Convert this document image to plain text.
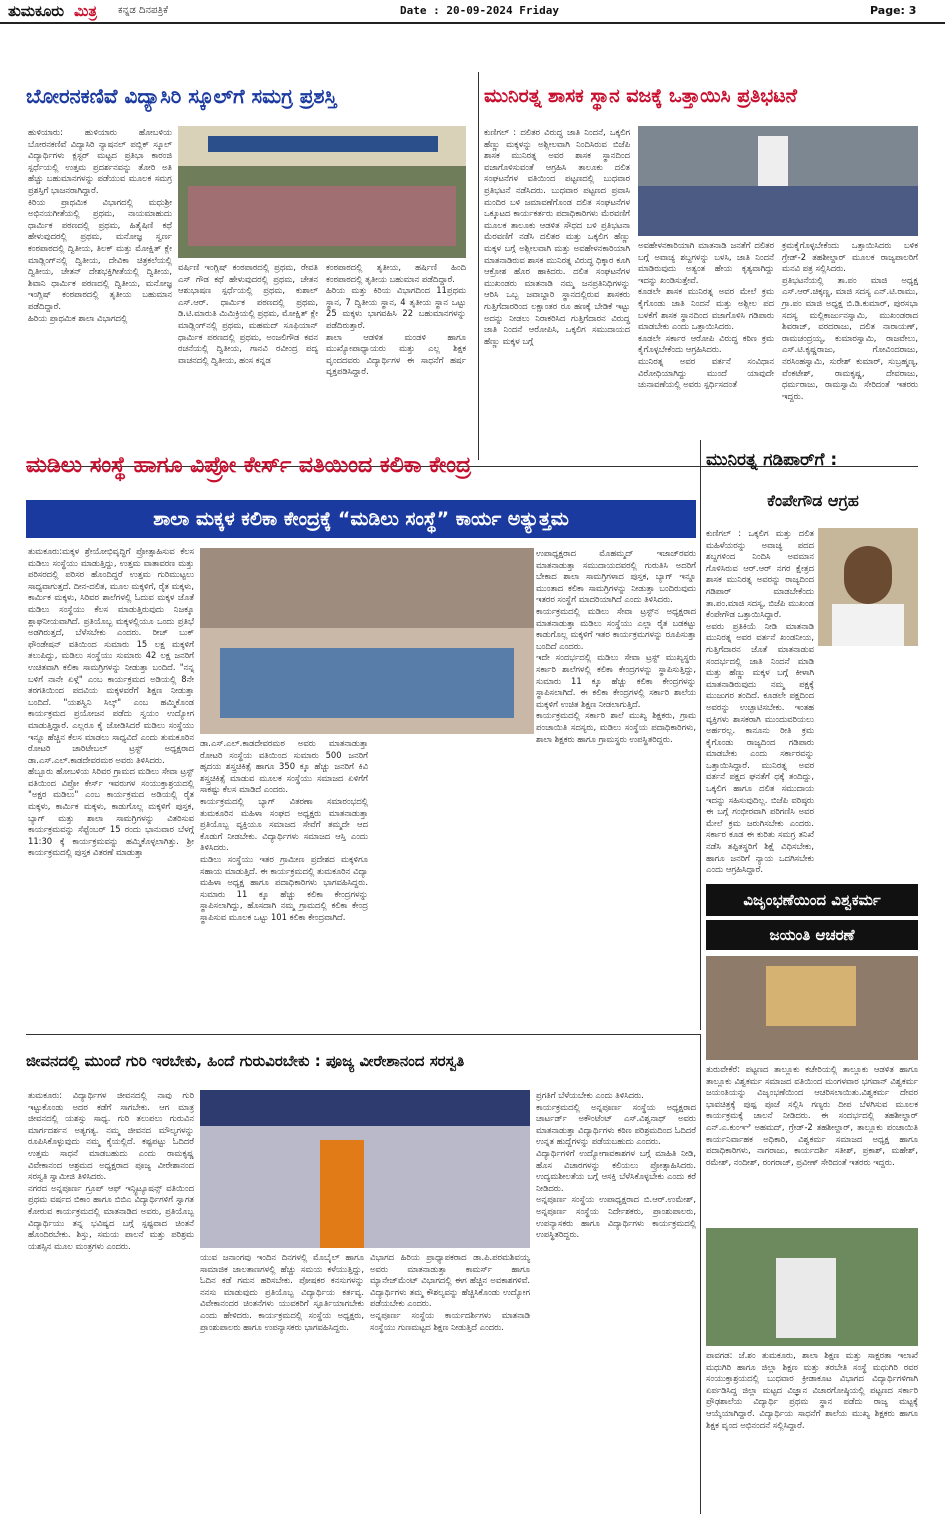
ತುಮಕೂರು ಮಿತ್ರ ಕನ್ನಡ ದಿನಪತ್ರಿಕೆ	Date : 20-09-2024 Friday	Page: 3
ಬೋರನಕಣಿವೆ ವಿದ್ಯಾಸಿರಿ ಸ್ಕೂಲ್‌ಗೆ ಸಮಗ್ರ ಪ್ರಶಸ್ತಿ
ಹುಳಿಯಾರು: ಹುಳಿಯಾರು ಹೋಬಳಿಯ ಬೋರನಕಣಿವೆ ವಿದ್ಯಾಸಿರಿ ನ್ಯಾಷನಲ್ ಪಬ್ಲಿಕ್ ಸ್ಕೂಲ್ ವಿದ್ಯಾರ್ಥಿಗಳು ಕ್ಲಸ್ಟರ್ ಮಟ್ಟದ ಪ್ರತಿಭಾ ಕಾರಂಜಿ ಸ್ಪರ್ಧೆಯಲ್ಲಿ ಉತ್ತಮ ಪ್ರದರ್ಶನವನ್ನು ತೋರಿ ಅತಿ ಹೆಚ್ಚು ಬಹುಮಾನಗಳನ್ನು ಪಡೆಯುವ ಮೂಲಕ ಸಮಗ್ರ ಪ್ರಶಸ್ತಿಗೆ ಭಾಜನರಾಗಿದ್ದಾರೆ.
ಕಿರಿಯ ಪ್ರಾಥಮಿಕ ವಿಭಾಗದಲ್ಲಿ ಮಧುಶ್ರೀ ಅಭಿನಯಗೀತೆಯಲ್ಲಿ ಪ್ರಥಮ, ನಾಯಮಾಹುದು ಧಾರ್ಮಿಕ ಪಠಣದಲ್ಲಿ ಪ್ರಥಮ, ಹಿತೈಷಿಣಿ ಕಥೆ ಹೇಳುವುದರಲ್ಲಿ ಪ್ರಥಮ, ಮನೋಜ್ಞ ಸ್ವರ್ಣ ಕಂಠಪಾಠದಲ್ಲಿ ದ್ವಿತೀಯ, ತಿಲಕ್ ಮತ್ತು ಮೋಕ್ಷಿತ್ ಕ್ಲೇ ಮಾಡ್ಲಿಂಗ್‌ನಲ್ಲಿ ದ್ವಿತೀಯ, ದೇವಿಕಾ ಚಿತ್ರಕಲೆಯಲ್ಲಿ ದ್ವಿತೀಯ, ಚೇತನ್ ದೇಶಭಕ್ತಿಗೀತೆಯಲ್ಲಿ ದ್ವಿತೀಯ, ಶಿವಾನಿ ಧಾರ್ಮಿಕ ಪಠಣದಲ್ಲಿ ದ್ವಿತೀಯ, ಮನೋಜ್ಞ ಇಂಗ್ಲಿಷ್ ಕಂಠಪಾಠದಲ್ಲಿ ತೃತೀಯ ಬಹುಮಾನ ಪಡೆದಿದ್ದಾರೆ.
ಹಿರಿಯ ಪ್ರಾಥಮಿಕ ಶಾಲಾ ವಿಭಾಗದಲ್ಲಿ
ವರ್ಷಿಣಿ ಇಂಗ್ಲಿಷ್ ಕಂಠಪಾಠದಲ್ಲಿ ಪ್ರಥಮ, ರೇವತಿ ಎಸ್ ಗೌಡ ಕಥೆ ಹೇಳುವುದರಲ್ಲಿ ಪ್ರಥಮ, ಚೇತನ ಆಶುಭಾಷಣ ಸ್ಪರ್ಧೆಯಲ್ಲಿ ಪ್ರಥಮ, ಕುಶಾಲ್ ಎಸ್.ಆರ್. ಧಾರ್ಮಿಕ ಪಠಣದಲ್ಲಿ ಪ್ರಥಮ, ಡಿ.ಟಿ.ಮಾರುತಿ ಮಿಮಿಕ್ರಿಯಲ್ಲಿ ಪ್ರಥಮ, ಮೋಕ್ಷಿತ್ ಕ್ಲೇ ಮಾಡ್ಲಿಂಗ್‌ನಲ್ಲಿ ಪ್ರಥಮ, ಮಹಮದ್ ಸೂಫಿಯಾನ್ ಧಾರ್ಮಿಕ ಪಠಣದಲ್ಲಿ ಪ್ರಥಮ, ಅಂಜಲಿಗೌಡ ಕವನ ರಚನೆಯಲ್ಲಿ ದ್ವಿತೀಯ, ಗಾನವಿ ರವೀಂದ್ರ ಪದ್ಯ ವಾಚನದಲ್ಲಿ ದ್ವಿತೀಯ, ಹಂಸ ಕನ್ನಡ
ಕಂಠಪಾಠದಲ್ಲಿ ತೃತೀಯ, ಹರ್ಷಿಣಿ ಹಿಂದಿ ಕಂಠಪಾಠದಲ್ಲಿ ತೃತೀಯ ಬಹುಮಾನ ಪಡೆದಿದ್ದಾರೆ.
ಹಿರಿಯ ಮತ್ತು ಕಿರಿಯ ವಿಭಾಗದಿಂದ 11ಪ್ರಥಮ ಸ್ಥಾನ, 7 ದ್ವಿತೀಯ ಸ್ಥಾನ, 4 ತೃತೀಯ ಸ್ಥಾನ ಒಟ್ಟು 25 ಮಕ್ಕಳು ಭಾಗವಹಿಸಿ 22 ಬಹುಮಾನಗಳನ್ನು ಪಡೆದಿರುತ್ತಾರೆ.
ಶಾಲಾ ಆಡಳಿತ ಮಂಡಳಿ ಹಾಗೂ ಮುಖ್ಯೋಪಾಧ್ಯಾಯರು ಮತ್ತು ಎಲ್ಲ ಶಿಕ್ಷಕ ವೃಂದದವರು ವಿದ್ಯಾರ್ಥಿಗಳ ಈ ಸಾಧನೆಗೆ ಹರ್ಷ ವ್ಯಕ್ತಪಡಿಸಿದ್ದಾರೆ.
ಮುನಿರತ್ನ ಶಾಸಕ ಸ್ಥಾನ ವಜಕ್ಕೆ ಒತ್ತಾಯಿಸಿ ಪ್ರತಿಭಟನೆ
ಕುಣಿಗಲ್ : ದಲಿತರ ವಿರುದ್ಧ ಜಾತಿ ನಿಂದನೆ, ಒಕ್ಕಲಿಗ ಹೆಣ್ಣು ಮಕ್ಕಳನ್ನು ಅಶ್ಲೀಲವಾಗಿ ನಿಂದಿಸಿರುವ ಬಿಜೆಪಿ ಶಾಸಕ ಮುನಿರತ್ನ ಅವರ ಶಾಸಕ ಸ್ಥಾನದಿಂದ ವಜಾಗೊಳಿಸುವಂತೆ ಆಗ್ರಹಿಸಿ ತಾಲೂಕು ದಲಿತ ಸಂಘಟನೆಗಳ ವತಿಯಿಂದ ಪಟ್ಟಣದಲ್ಲಿ ಬುಧವಾರ ಪ್ರತಿಭಟನೆ ನಡೆಸಿದರು. ಬುಧವಾರ ಪಟ್ಟಣದ ಪ್ರವಾಸಿ ಮಂದಿರ ಬಳಿ ಜಮಾವಣೆಗೊಂಡ ದಲಿತ ಸಂಘಟನೆಗಳ ಒಕ್ಕೂಟದ ಕಾರ್ಯಕರ್ತರು ಪದಾಧಿಕಾರಿಗಳು ಮೆರವಣಿಗೆ ಮೂಲಕ ತಾಲೂಕು ಆಡಳಿತ ಸೌಧದ ಬಳಿ ಪ್ರತಿಭಟನಾ ಮೆರವಣಿಗೆ ನಡೆಸಿ ದಲಿತರ ಮತ್ತು ಒಕ್ಕಲಿಗ ಹೆಣ್ಣು ಮಕ್ಕಳ ಬಗ್ಗೆ ಅಶ್ಲೀಲವಾಗಿ ಮತ್ತು ಅವಹೇಳನಕಾರಿಯಾಗಿ ಮಾತನಾಡಿರುವ ಶಾಸಕ ಮುನಿರತ್ನ ವಿರುದ್ಧ ಧಿಕ್ಕಾರ ಕೂಗಿ ಆಕ್ರೋಶ ಹೊರ ಹಾಕಿದರು. ದಲಿತ ಸಂಘಟನೆಗಳ ಮುಖಂಡರು ಮಾತನಾಡಿ ನಮ್ಮ ಜನಪ್ರತಿನಿಧಿಗಳನ್ನು ಆರಿಸಿ ಒಬ್ಬ ಜವಾಬ್ದಾರಿ ಸ್ಥಾನದಲ್ಲಿರುವ ಶಾಸಕರು ಗುತ್ತಿಗೆದಾರರಿಂದ ಲಕ್ಷಾಂತರ ರೂ ಹಣಕ್ಕೆ ಬೇಡಿಕೆ ಇಟ್ಟು ಅದನ್ನು ನೀಡಲು ನಿರಾಕರಿಸಿದ ಗುತ್ತಿಗೆದಾರನ ವಿರುದ್ಧ ಜಾತಿ ನಿಂದನೆ ಆರೋಪಿಸಿ, ಒಕ್ಕಲಿಗ ಸಮುದಾಯದ ಹೆಣ್ಣು ಮಕ್ಕಳ ಬಗ್ಗೆ
ಅವಹೇಳನಕಾರಿಯಾಗಿ ಮಾತನಾಡಿ ಜನತೆಗೆ ದಲಿತರ ಬಗ್ಗೆ ಅವಾಚ್ಯ ಶಬ್ದಗಳನ್ನು ಬಳಸಿ, ಜಾತಿ ನಿಂದನೆ ಮಾಡಿರುವುದು ಅತ್ಯಂತ ಹೇಯ ಕೃತ್ಯವಾಗಿದ್ದು ಇದನ್ನು ಖಂಡಿಸುತ್ತೇವೆ.
ಕೂಡಲೇ ಶಾಸಕ ಮುನಿರತ್ನ ಅವರ ಮೇಲೆ ಕ್ರಮ ಕೈಗೊಂಡು ಜಾತಿ ನಿಂದನೆ ಮತ್ತು ಅಶ್ಲೀಲ ಪದ ಬಳಕೆಗೆ ಶಾಸಕ ಸ್ಥಾನದಿಂದ ವಜಾಗೊಳಿಸಿ ಗಡಿಪಾರು ಮಾಡಬೇಕು ಎಂದು ಒತ್ತಾಯಿಸಿದರು.
ಕೂಡಲೇ ಸರ್ಕಾರ ಆರೋಪಿ ವಿರುದ್ಧ ಕಠಿಣ ಕ್ರಮ ಕೈಗೊಳ್ಳಬೇಕೆಂದು ಆಗ್ರಹಿಸಿದರು.
ಮುನಿರತ್ನ ಅವರ ವರ್ತನೆ ಸಂವಿಧಾನ ವಿರೋಧಿಯಾಗಿದ್ದು ಮುಂದೆ ಯಾವುದೇ ಚುನಾವಣೆಯಲ್ಲಿ ಅವರು ಸ್ಪರ್ಧಿಸದಂತೆ
ಕ್ರಮಕೈಗೊಳ್ಳಬೇಕೆಂದು ಒತ್ತಾಯಿಸಿದರು ಬಳಿಕ ಗ್ರೇಡ್-2 ತಹಶೀಲ್ದಾರ್ ಮೂಲಕ ರಾಜ್ಯಪಾಲರಿಗೆ ಮನವಿ ಪತ್ರ ಸಲ್ಲಿಸಿದರು.
ಪ್ರತಿಭಟನೆಯಲ್ಲಿ ತಾ.ಪಂ ಮಾಜಿ ಅಧ್ಯಕ್ಷ ಎಸ್.ಆರ್.ಚಿಕ್ಕಣ್ಣ, ಮಾಜಿ ಸದಸ್ಯ ಎನ್.ಟಿ.ರಾಮು, ಗ್ರಾ.ಪಂ ಮಾಜಿ ಅಧ್ಯಕ್ಷ ಬಿ.ಡಿ.ಕುಮಾರ್, ಪುರಸಭಾ ಸದಸ್ಯ ಮಲ್ಲಿಕಾರ್ಜುನಸ್ವಾಮಿ, ಮುಖಂಡರಾದ ಶಿವರಾಜ್, ವರದರಾಜು, ದಲಿತ ನಾರಾಯಣ್, ರಾಮಚಂದ್ರಯ್ಯ, ಕುಮಾರಸ್ವಾಮಿ, ರಾಜವೇಲು, ಎಸ್.ಟಿ.ಕೃಷ್ಣರಾಜು, ಗೋವಿಂದರಾಜು, ನರಸಿಂಹಸ್ವಾಮಿ, ಸುರೇಶ್ ಕುಮಾರ್, ಸುಬ್ರಹ್ಮಣ್ಯ, ವೆಂಕಟೇಶ್, ರಾಮಕೃಷ್ಣ, ದೇವರಾಜು, ಧರ್ಮರಾಜು, ರಾಮಸ್ವಾಮಿ ಸೇರಿದಂತೆ ಇತರರು ಇದ್ದರು.
ಮಡಿಲು ಸಂಸ್ಥೆ ಹಾಗೂ ವಿಪ್ರೋ ಕೇರ್ಸ್ ವತಿಯಿಂದ ಕಲಿಕಾ ಕೇಂದ್ರ
ಶಾಲಾ ಮಕ್ಕಳ ಕಲಿಕಾ ಕೇಂದ್ರಕ್ಕೆ “ಮಡಿಲು ಸಂಸ್ಥೆ” ಕಾರ್ಯ ಅತ್ಯುತ್ತಮ
ತುಮಕೂರು:ಮಕ್ಕಳ ಶ್ರೇಯೋಭಿವೃದ್ಧಿಗೆ ಪ್ರೋತ್ಸಾಹಿಸುವ ಕೆಲಸ ಮಡಿಲು ಸಂಸ್ಥೆಯು ಮಾಡುತ್ತಿದ್ದು, ಉತ್ತಮ ವಾತಾವರಣ ಮತ್ತು ಪರಿಸರದಲ್ಲಿ ಪರಿಸರ ಹೊಂದಿದ್ದರೆ ಉತ್ತಮ ಗುರಿಮುಟ್ಟಲು ಸಾಧ್ಯವಾಗುತ್ತದೆ. ದೀನ-ದಲಿತ, ಮೂಲ ಮಕ್ಕಳಿಗೆ, ರೈತ ಮಕ್ಕಳು, ಕಾರ್ಮಿಕ ಮಕ್ಕಳು, ಸಿರಿವರ ಶಾಲೆಗಳಲ್ಲಿ ಓದುವ ಮಕ್ಕಳ ಜೊತೆ ಮಡಿಲು ಸಂಸ್ಥೆಯು ಕೆಲಸ ಮಾಡುತ್ತಿರುವುದು ನಿಜಕ್ಕೂ ಶ್ಲಾಘನೀಯವಾಗಿದೆ. ಪ್ರತಿಯೊಬ್ಬ ಮಕ್ಕಳಲ್ಲಿಯೂ ಒಂದು ಪ್ರತಿಭೆ ಅಡಗಿರುತ್ತದೆ, ಬೆಳೆಸಬೇಕು ಎಂದರು. ರೀಚ್ ಬುಕ್ ಫೌಂಡೇಷನ್ ವತಿಯಿಂದ ಸುಮಾರು 15 ಲಕ್ಷ ಮಕ್ಕಳಿಗೆ ತಲುಪಿದ್ದು, ಮಡಿಲು ಸಂಸ್ಥೆಯು ಸುಮಾರು 42 ಲಕ್ಷ ಜನರಿಗೆ ಉಚಿತವಾಗಿ ಕಲಿಕಾ ಸಾಮಗ್ರಿಗಳನ್ನು ನೀಡುತ್ತಾ ಬಂದಿದೆ. "ನನ್ನ ಬಳಿಗೆ ನಾನೇ ಏಳ್ಗೆ" ಎಂಬ ಕಾರ್ಯಕ್ರಮದ ಅಡಿಯಲ್ಲಿ 8ನೇ ತರಗತಿಯಿಂದ ಪದವಿಯ ಮಕ್ಕಳವರೆಗೆ ಶಿಕ್ಷಣ ನೀಡುತ್ತಾ ಬಂದಿದೆ. "ಯಶಸ್ವಿನಿ ಸಿಲ್ಕ್" ಎಂಬ ಹಮ್ಮಿಕೊಂಡ ಕಾರ್ಯಕ್ರಮದ ಪ್ರಯೋಜನ ಪಡೆದು ಸ್ವಯಂ ಉದ್ಯೋಗ ಮಾಡುತ್ತಿದ್ದಾರೆ. ಎಲ್ಲರೂ ಕೈ ಜೋಡಿಸಿದರೆ ಮಡಿಲು ಸಂಸ್ಥೆಯು ಇನ್ನೂ ಹೆಚ್ಚಿನ ಕೆಲಸ ಮಾಡಲು ಸಾಧ್ಯವಿದೆ ಎಂದು ತುಮಕೂರಿನ ರೋಟರಿ ಚಾರಿಟೇಬಲ್ ಟ್ರಸ್ಟ್ ಅಧ್ಯಕ್ಷರಾದ ಡಾ.ಎಸ್.ಎಲ್.ಕಾಡದೇವರಮಠ ಅವರು ತಿಳಿಸಿದರು.
ಹೆಬ್ಬೂರು ಹೋಬಳಿಯ ಸಿರಿವರ ಗ್ರಾಮದ ಮಡಿಲು ಸೇವಾ ಟ್ರಸ್ಟ್ ವತಿಯಿಂದ ವಿಪ್ರೋ ಕೇರ್ಸ್ ಇವರುಗಳ ಸಂಯುಕ್ತಾಶ್ರಯದಲ್ಲಿ "ಅಕ್ಷರ ಮಡಿಲು" ಎಂಬ ಕಾರ್ಯಕ್ರಮದ ಅಡಿಯಲ್ಲಿ ರೈತ ಮಕ್ಕಳು, ಕಾರ್ಮಿಕ ಮಕ್ಕಳು, ಕಾಡುಗೊಲ್ಲ ಮಕ್ಕಳಿಗೆ ಪುಸ್ತಕ, ಬ್ಯಾಗ್ ಮತ್ತು ಶಾಲಾ ಸಾಮಗ್ರಿಗಳನ್ನು ವಿತರಿಸುವ ಕಾರ್ಯಕ್ರಮವನ್ನು ಸೆಪ್ಟೆಂಬರ್ 15 ರಂದು ಭಾನುವಾರ ಬೆಳಗ್ಗೆ 11:30 ಕ್ಕೆ ಕಾರ್ಯಕ್ರಮವನ್ನು ಹಮ್ಮಿಕೊಳ್ಳಲಾಗಿತ್ತು. ಶ್ರೀ ಕಾರ್ಯಕ್ರಮದಲ್ಲಿ ಪುಸ್ತಕ ವಿತರಣೆ ಮಾಡುತ್ತಾ
ಡಾ.ಎಸ್.ಎಲ್.ಕಾಡದೇವರಮಠ ಅವರು ಮಾತನಾಡುತ್ತಾ ರೋಟರಿ ಸಂಸ್ಥೆಯ ವತಿಯಿಂದ ಸುಮಾರು 500 ಜನರಿಗೆ ಹೃದಯ ಶಸ್ತ್ರಚಿಕಿತ್ಸೆ ಹಾಗೂ 350 ಕ್ಕೂ ಹೆಚ್ಚು ಜನರಿಗೆ ಕಿವಿ ಶಸ್ತ್ರಚಿಕಿತ್ಸೆ ಮಾಡುವ ಮೂಲಕ ಸಂಸ್ಥೆಯು ಸಮಾಜದ ಏಳಿಗೆಗೆ ಸಾಕಷ್ಟು ಕೆಲಸ ಮಾಡಿದೆ ಎಂದರು.
ಕಾರ್ಯಕ್ರಮದಲ್ಲಿ ಬ್ಯಾಗ್ ವಿತರಣಾ ಸಮಾರಂಭದಲ್ಲಿ ತುಮಕೂರಿನ ಮಹಿಳಾ ಸಂಘದ ಅಧ್ಯಕ್ಷರು ಮಾತನಾಡುತ್ತಾ ಪ್ರತಿಯೊಬ್ಬ ವ್ಯಕ್ತಿಯೂ ಸಮಾಜದ ಸೇವೆಗೆ ತಮ್ಮದೇ ಆದ ಕೊಡುಗೆ ನೀಡಬೇಕು. ವಿದ್ಯಾರ್ಥಿಗಳು ಸಮಾಜದ ಆಸ್ತಿ ಎಂದು ತಿಳಿಸಿದರು.
ಮಡಿಲು ಸಂಸ್ಥೆಯು ಇತರ ಗ್ರಾಮೀಣ ಪ್ರದೇಶದ ಮಕ್ಕಳಿಗೂ ಸಹಾಯ ಮಾಡುತ್ತಿದೆ. ಈ ಕಾರ್ಯಕ್ರಮದಲ್ಲಿ ತುಮಕೂರಿನ ವಿದ್ಯಾ ಮಹಿಳಾ ಅಧ್ಯಕ್ಷ ಹಾಗೂ ಪದಾಧಿಕಾರಿಗಳು ಭಾಗವಹಿಸಿದ್ದರು. ಸುಮಾರು 11 ಕ್ಕೂ ಹೆಚ್ಚು ಕಲಿಕಾ ಕೇಂದ್ರಗಳನ್ನು ಸ್ಥಾಪಿಸಲಾಗಿದ್ದು, ಹೊಸದಾಗಿ ನಮ್ಮ ಗ್ರಾಮದಲ್ಲಿ ಕಲಿಕಾ ಕೇಂದ್ರ ಸ್ಥಾಪಿಸುವ ಮೂಲಕ ಒಟ್ಟು 101 ಕಲಿಕಾ ಕೇಂದ್ರವಾಗಿದೆ.
ಉಪಾಧ್ಯಕ್ಷರಾದ ಮೊಹಮ್ಮದ್ ಇಜಾಜ್‌ರವರು ಮಾತನಾಡುತ್ತಾ ಸಮುದಾಯದವರಲ್ಲಿ ಗುರುತಿಸಿ ಅದರಿಗೆ ಬೇಕಾದ ಶಾಲಾ ಸಾಮಗ್ರಿಗಳಾದ ಪುಸ್ತಕ, ಬ್ಯಾಗ್ ಇನ್ನೂ ಮುಂತಾದ ಕಲಿಕಾ ಸಾಮಗ್ರಿಗಳನ್ನು ನೀಡುತ್ತಾ ಬಂದಿರುವುದು ಇತರರ ಸಂಸ್ಥೆಗೆ ಮಾದರಿಯಾಗಿದೆ ಎಂದು ತಿಳಿಸಿದರು.
ಕಾರ್ಯಕ್ರಮದಲ್ಲಿ ಮಡಿಲು ಸೇವಾ ಟ್ರಸ್ಟ್‌ನ ಅಧ್ಯಕ್ಷರಾದ ಮಾತನಾಡುತ್ತಾ ಮಡಿಲು ಸಂಸ್ಥೆಯು ಎಲ್ಲಾ ರೈತ ಬಡಕಟ್ಟು ಕಾಡುಗೊಲ್ಲ ಮಕ್ಕಳಿಗೆ ಇತರ ಕಾರ್ಯಕ್ರಮಗಳನ್ನು ರೂಪಿಸುತ್ತಾ ಬಂದಿದೆ ಎಂದರು.
ಇದೇ ಸಂದರ್ಭದಲ್ಲಿ ಮಡಿಲು ಸೇವಾ ಟ್ರಸ್ಟ್ ಮುಖ್ಯಸ್ಥರು ಸರ್ಕಾರಿ ಶಾಲೆಗಳಲ್ಲಿ ಕಲಿಕಾ ಕೇಂದ್ರಗಳನ್ನು ಸ್ಥಾಪಿಸುತ್ತಿದ್ದು, ಸುಮಾರು 11 ಕ್ಕೂ ಹೆಚ್ಚು ಕಲಿಕಾ ಕೇಂದ್ರಗಳನ್ನು ಸ್ಥಾಪಿಸಲಾಗಿದೆ. ಈ ಕಲಿಕಾ ಕೇಂದ್ರಗಳಲ್ಲಿ ಸರ್ಕಾರಿ ಶಾಲೆಯ ಮಕ್ಕಳಿಗೆ ಉಚಿತ ಶಿಕ್ಷಣ ನೀಡಲಾಗುತ್ತಿದೆ.
ಕಾರ್ಯಕ್ರಮದಲ್ಲಿ ಸರ್ಕಾರಿ ಶಾಲೆ ಮುಖ್ಯ ಶಿಕ್ಷಕರು, ಗ್ರಾಮ ಪಂಚಾಯಿತಿ ಸದಸ್ಯರು, ಮಡಿಲು ಸಂಸ್ಥೆಯ ಪದಾಧಿಕಾರಿಗಳು, ಶಾಲಾ ಶಿಕ್ಷಕರು ಹಾಗೂ ಗ್ರಾಮಸ್ಥರು ಉಪಸ್ಥಿತರಿದ್ದರು.
ಮುನಿರತ್ನ ಗಡಿಪಾರ್‌ಗೆ :
ಕೆಂಪೇಗೌಡ ಆಗ್ರಹ
ಕುಣಿಗಲ್ : ಒಕ್ಕಲಿಗ ಮತ್ತು ದಲಿತ ಮಹಿಳೆಯರನ್ನು ಅವಾಚ್ಯ ಪದದ ಶಬ್ದಗಳಿಂದ ನಿಂದಿಸಿ ಅವಮಾನ ಗೊಳಿಸಿರುವ ಆರ್.ಆರ್ ನಗರ ಕ್ಷೇತ್ರದ ಶಾಸಕ ಮುನಿರತ್ನ ಅವರನ್ನು ರಾಜ್ಯದಿಂದ ಗಡಿಪಾರ್ ಮಾಡಬೇಕೆಂದು ತಾ.ಪಂ.ಮಾಜಿ ಸದಸ್ಯ, ಬಿಜೆಪಿ ಮುಖಂಡ ಕೆಂಪೇಗೌಡ ಒತ್ತಾಯಿಸಿದ್ದಾರೆ.
ಅವರು ಪ್ರತಿಕಿಯೆ ನೀಡಿ ಮಾತನಾಡಿ ಮುನಿರತ್ನ ಅವರ ವರ್ತನೆ ಖಂಡನೀಯ, ಗುತ್ತಿಗೆದಾರನ ಜೊತೆ ಮಾತನಾಡುವ ಸಂದರ್ಭದಲ್ಲಿ ಜಾತಿ ನಿಂದನೆ ಮಾಡಿ ಮತ್ತು ಹೆಣ್ಣು ಮಕ್ಕಳ ಬಗ್ಗೆ ಕೀಳಾಗಿ ಮಾತನಾಡಿರುವುದು ನಮ್ಮ ಪಕ್ಷಕ್ಕೆ ಮುಜುಗರ ತಂದಿದೆ. ಕೂಡಲೇ ಪಕ್ಷದಿಂದ ಅವರನ್ನು ಉಚ್ಛಾಟಿಸಬೇಕು. ಇಂತಹ ವ್ಯಕ್ತಿಗಳು ಶಾಸಕರಾಗಿ ಮುಂದುವರಿಯಲು ಅರ್ಹರಲ್ಲ. ಕಾನೂನು ರೀತಿ ಕ್ರಮ ಕೈಗೊಂಡು ರಾಜ್ಯದಿಂದ ಗಡಿಪಾರು ಮಾಡಬೇಕು ಎಂದು ಸರ್ಕಾರವನ್ನು ಒತ್ತಾಯಿಸಿದ್ದಾರೆ. ಮುನಿರತ್ನ ಅವರ ವರ್ತನೆ ಪಕ್ಷದ ಘನತೆಗೆ ಧಕ್ಕೆ ತಂದಿದ್ದು, ಒಕ್ಕಲಿಗ ಹಾಗೂ ದಲಿತ ಸಮುದಾಯ ಇದನ್ನು ಸಹಿಸುವುದಿಲ್ಲ. ಬಿಜೆಪಿ ವರಿಷ್ಠರು ಈ ಬಗ್ಗೆ ಗಂಭೀರವಾಗಿ ಪರಿಗಣಿಸಿ ಅವರ ಮೇಲೆ ಕ್ರಮ ಜರುಗಿಸಬೇಕು ಎಂದರು. ಸರ್ಕಾರ ಕೂಡ ಈ ಕುರಿತು ಸಮಗ್ರ ತನಿಖೆ ನಡೆಸಿ ತಪ್ಪಿತಸ್ಥರಿಗೆ ಶಿಕ್ಷೆ ವಿಧಿಸಬೇಕು, ಹಾಗೂ ಜನರಿಗೆ ನ್ಯಾಯ ಒದಗಿಸಬೇಕು ಎಂದು ಆಗ್ರಹಿಸಿದ್ದಾರೆ.
ವಿಜೃಂಭಣೆಯಿಂದ ವಿಶ್ವಕರ್ಮ
ಜಯಂತಿ ಆಚರಣೆ
ತುರುವೇಕೆರೆ: ಪಟ್ಟಣದ ತಾಲ್ಲೂಕು ಕಚೇರಿಯಲ್ಲಿ ತಾಲ್ಲೂಕು ಆಡಳಿತ ಹಾಗೂ ತಾಲ್ಲೂಕು ವಿಶ್ವಕರ್ಮ ಸಮಾಜದ ವತಿಯಿಂದ ಮಂಗಳವಾರ ಭಗವಾನ್ ವಿಶ್ವಕರ್ಮ ಜಯಂತಿಯನ್ನು ವಿಜೃಂಭಣೆಯಿಂದ ಆಚರಿಸಲಾಯಿತು.ವಿಶ್ವಕರ್ಮ ದೇವರ ಭಾವಚಿತ್ರಕ್ಕೆ ಪುಷ್ಪ ಪೂಜೆ ಸಲ್ಲಿಸಿ ಗಣ್ಯರು ದೀಪ ಬೆಳಗಿಸುವ ಮೂಲಕ ಕಾರ್ಯಕ್ರಮಕ್ಕೆ ಚಾಲನೆ ನೀಡಿದರು. ಈ ಸಂದರ್ಭದಲ್ಲಿ ತಹಶೀಲ್ದಾರ್ ಎನ್.ಎ.ಕುಂಞಿ ಅಹಮದ್, ಗ್ರೇಡ್-2 ತಹಶೀಲ್ದಾರ್, ತಾಲ್ಲೂಕು ಪಂಚಾಯಿತಿ ಕಾರ್ಯನಿರ್ವಾಹಕ ಅಧಿಕಾರಿ, ವಿಶ್ವಕರ್ಮ ಸಮಾಜದ ಅಧ್ಯಕ್ಷ ಹಾಗೂ ಪದಾಧಿಕಾರಿಗಳು, ನಾಗರಾಜು, ಕಾರ್ಯದರ್ಶಿ ಸತೀಶ್, ಪ್ರಕಾಶ್, ಮಹೇಶ್, ರಮೇಶ್, ನಂದೀಶ್, ರಂಗರಾಜ್, ಪ್ರವೀಣ್ ಸೇರಿದಂತೆ ಇತರರು ಇದ್ದರು.
ಪಾವಗಡ: ಜೆ.ಶಂ ತುಮಕೂರು, ಶಾಲಾ ಶಿಕ್ಷಣ ಮತ್ತು ಸಾಕ್ಷರತಾ ಇಲಾಖೆ ಮಧುಗಿರಿ ಹಾಗೂ ಜಿಲ್ಲಾ ಶಿಕ್ಷಣ ಮತ್ತು ತರಬೇತಿ ಸಂಸ್ಥೆ ಮಧುಗಿರಿ ರವರ ಸಂಯುಕ್ತಾಶ್ರಯದಲ್ಲಿ ಬುಧವಾರ ಕ್ರೀಡಾಕೂಟ ವಿಭಾಗದ ವಿದ್ಯಾರ್ಥಿಗಳಿಗಾಗಿ ಏರ್ಪಡಿಸಿದ್ದ ಜಿಲ್ಲಾ ಮಟ್ಟದ ವಿಜ್ಞಾನ ವಿಚಾರಗೋಷ್ಠಿಯಲ್ಲಿ ಪಟ್ಟಣದ ಸರ್ಕಾರಿ ಪ್ರೌಢಶಾಲೆಯ ವಿದ್ಯಾರ್ಥಿ ಪ್ರಥಮ ಸ್ಥಾನ ಪಡೆದು ರಾಜ್ಯ ಮಟ್ಟಕ್ಕೆ ಆಯ್ಕೆಯಾಗಿದ್ದಾರೆ. ವಿದ್ಯಾರ್ಥಿಯ ಸಾಧನೆಗೆ ಶಾಲೆಯ ಮುಖ್ಯ ಶಿಕ್ಷಕರು ಹಾಗೂ ಶಿಕ್ಷಕ ವೃಂದ ಅಭಿನಂದನೆ ಸಲ್ಲಿಸಿದ್ದಾರೆ.
ಜೀವನದಲ್ಲಿ ಮುಂದೆ ಗುರಿ ಇರಬೇಕು, ಹಿಂದೆ ಗುರುವಿರಬೇಕು : ಪೂಜ್ಯ ವೀರೇಶಾನಂದ ಸರಸ್ವತಿ
ತುಮಕೂರು: ವಿದ್ಯಾರ್ಥಿಗಳ ಜೀವನದಲ್ಲಿ ನಾವು ಗುರಿ ಇಟ್ಟುಕೊಂಡು ಅದರ ಕಡೆಗೆ ಸಾಗಬೇಕು. ಆಗ ಮಾತ್ರ ಜೀವನದಲ್ಲಿ ಯಶಸ್ಸು ಸಾಧ್ಯ. ಗುರಿ ತಲುಪಲು ಗುರುವಿನ ಮಾರ್ಗದರ್ಶನ ಅತ್ಯಗತ್ಯ. ನಮ್ಮ ಜೀವನದ ಮೌಲ್ಯಗಳನ್ನು ರೂಪಿಸಿಕೊಳ್ಳುವುದು ನಮ್ಮ ಕೈಯಲ್ಲಿದೆ. ಕಷ್ಟಪಟ್ಟು ಓದಿದರೆ ಉತ್ತಮ ಸಾಧನೆ ಮಾಡಬಹುದು ಎಂದು ರಾಮಕೃಷ್ಣ ವಿವೇಕಾನಂದ ಆಶ್ರಮದ ಅಧ್ಯಕ್ಷರಾದ ಪೂಜ್ಯ ವೀರೇಶಾನಂದ ಸರಸ್ವತಿ ಸ್ವಾಮೀಜಿ ತಿಳಿಸಿದರು.
ನಗರದ ಅನ್ನಪೂರ್ಣ ಗ್ರೂಪ್ ಆಫ್ ಇನ್ಸ್ಟಿಟ್ಯೂಷನ್ಸ್ ವತಿಯಿಂದ ಪ್ರಥಮ ವರ್ಷದ ಬಿಕಾಂ ಹಾಗೂ ಬಿಬಿಎ ವಿದ್ಯಾರ್ಥಿಗಳಿಗೆ ಸ್ವಾಗತ ಕೋರುವ ಕಾರ್ಯಕ್ರಮದಲ್ಲಿ ಮಾತನಾಡಿದ ಅವರು, ಪ್ರತಿಯೊಬ್ಬ ವಿದ್ಯಾರ್ಥಿಯು ತನ್ನ ಭವಿಷ್ಯದ ಬಗ್ಗೆ ಸ್ಪಷ್ಟವಾದ ಚಿಂತನೆ ಹೊಂದಿರಬೇಕು. ಶಿಸ್ತು, ಸಮಯ ಪಾಲನೆ ಮತ್ತು ಪರಿಶ್ರಮ ಯಶಸ್ಸಿನ ಮೂಲ ಮಂತ್ರಗಳು ಎಂದರು.
ಯುವ ಜನಾಂಗವು ಇಂದಿನ ದಿನಗಳಲ್ಲಿ ಮೊಬೈಲ್ ಹಾಗೂ ಸಾಮಾಜಿಕ ಜಾಲತಾಣಗಳಲ್ಲಿ ಹೆಚ್ಚು ಸಮಯ ಕಳೆಯುತ್ತಿದ್ದು, ಓದಿನ ಕಡೆ ಗಮನ ಹರಿಸಬೇಕು. ಪೋಷಕರ ಕನಸುಗಳನ್ನು ನನಸು ಮಾಡುವುದು ಪ್ರತಿಯೊಬ್ಬ ವಿದ್ಯಾರ್ಥಿಯ ಕರ್ತವ್ಯ. ವಿವೇಕಾನಂದರ ಚಿಂತನೆಗಳು ಯುವಕರಿಗೆ ಸ್ಫೂರ್ತಿಯಾಗಬೇಕು ಎಂದು ಹೇಳಿದರು. ಕಾರ್ಯಕ್ರಮದಲ್ಲಿ ಸಂಸ್ಥೆಯ ಅಧ್ಯಕ್ಷರು, ಪ್ರಾಂಶುಪಾಲರು ಹಾಗೂ ಉಪನ್ಯಾಸಕರು ಭಾಗವಹಿಸಿದ್ದರು.
ವಿಭಾಗದ ಹಿರಿಯ ಪ್ರಾಧ್ಯಾಪಕರಾದ ಡಾ.ಪಿ.ಪರಮಶಿವಯ್ಯ ಅವರು ಮಾತನಾಡುತ್ತಾ ಕಾಮರ್ಸ್ ಹಾಗೂ ಮ್ಯಾನೇಜ್‌ಮೆಂಟ್ ವಿಭಾಗದಲ್ಲಿ ಈಗ ಹೆಚ್ಚಿನ ಅವಕಾಶಗಳಿವೆ. ವಿದ್ಯಾರ್ಥಿಗಳು ತಮ್ಮ ಕೌಶಲ್ಯವನ್ನು ಹೆಚ್ಚಿಸಿಕೊಂಡು ಉದ್ಯೋಗ ಪಡೆಯಬೇಕು ಎಂದರು.
ಅನ್ನಪೂರ್ಣ ಸಂಸ್ಥೆಯ ಕಾರ್ಯದರ್ಶಿಗಳು ಮಾತನಾಡಿ ಸಂಸ್ಥೆಯು ಗುಣಮಟ್ಟದ ಶಿಕ್ಷಣ ನೀಡುತ್ತಿದೆ ಎಂದರು.
ಪ್ರಗತಿಗೆ ಬೆಳೆಯಬೇಕು ಎಂದು ತಿಳಿಸಿದರು.
ಕಾರ್ಯಕ್ರಮದಲ್ಲಿ ಅನ್ನಪೂರ್ಣ ಸಂಸ್ಥೆಯ ಅಧ್ಯಕ್ಷರಾದ ಚಾರ್ಟರ್ಡ್ ಅಕೌಂಟೆಂಟ್ ಎಸ್.ವಿಶ್ವನಾಥ್ ಅವರು ಮಾತನಾಡುತ್ತಾ ವಿದ್ಯಾರ್ಥಿಗಳು ಕಠಿಣ ಪರಿಶ್ರಮದಿಂದ ಓದಿದರೆ ಉನ್ನತ ಹುದ್ದೆಗಳನ್ನು ಪಡೆಯಬಹುದು ಎಂದರು.
ವಿದ್ಯಾರ್ಥಿಗಳಿಗೆ ಉದ್ಯೋಗಾವಕಾಶಗಳ ಬಗ್ಗೆ ಮಾಹಿತಿ ನೀಡಿ, ಹೊಸ ವಿಚಾರಗಳನ್ನು ಕಲಿಯಲು ಪ್ರೋತ್ಸಾಹಿಸಿದರು. ಉದ್ಯಮಶೀಲತೆಯ ಬಗ್ಗೆ ಆಸಕ್ತಿ ಬೆಳೆಸಿಕೊಳ್ಳಬೇಕು ಎಂದು ಕರೆ ನೀಡಿದರು.
ಅನ್ನಪೂರ್ಣ ಸಂಸ್ಥೆಯ ಉಪಾಧ್ಯಕ್ಷರಾದ ಬಿ.ಆರ್.ಉಮೇಶ್, ಅನ್ನಪೂರ್ಣ ಸಂಸ್ಥೆಯ ನಿರ್ದೇಶಕರು, ಪ್ರಾಂಶುಪಾಲರು, ಉಪನ್ಯಾಸಕರು ಹಾಗೂ ವಿದ್ಯಾರ್ಥಿಗಳು ಕಾರ್ಯಕ್ರಮದಲ್ಲಿ ಉಪಸ್ಥಿತರಿದ್ದರು.
